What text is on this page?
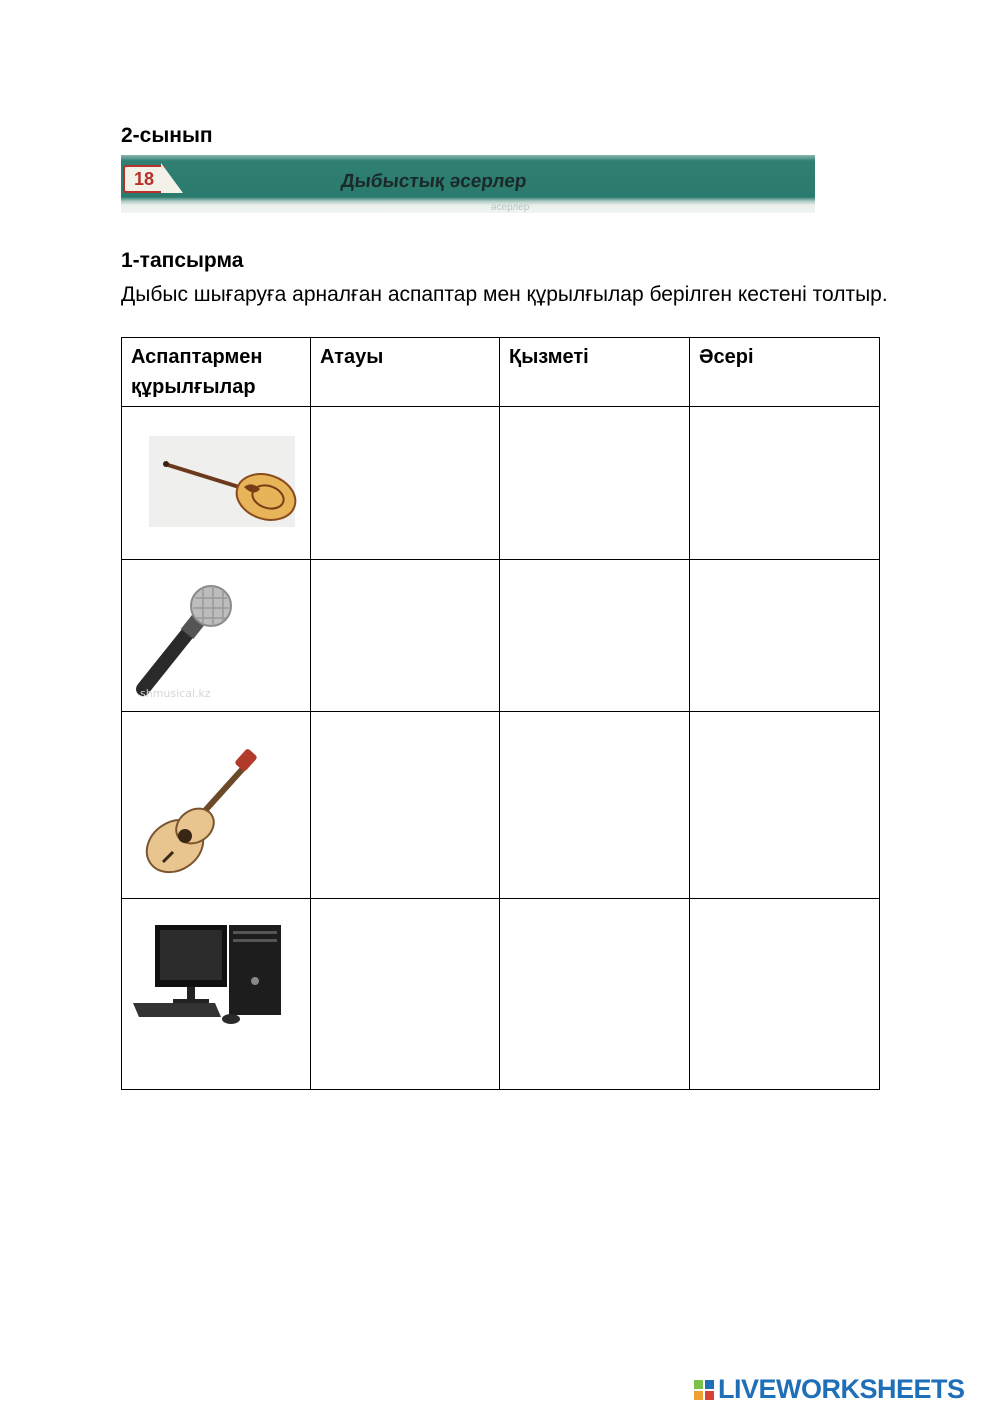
2-сынып
18	Дыбыстық әсерлер
әсерлер
1-тапсырма
Дыбыс шығаруға арналған аспаптар мен құрылғылар берілген кестені толтыр.
Аспаптармен құрылғылар	Атауы	Қызметі	Әсері

shmusical.kz			

LIVEWORKSHEETS
